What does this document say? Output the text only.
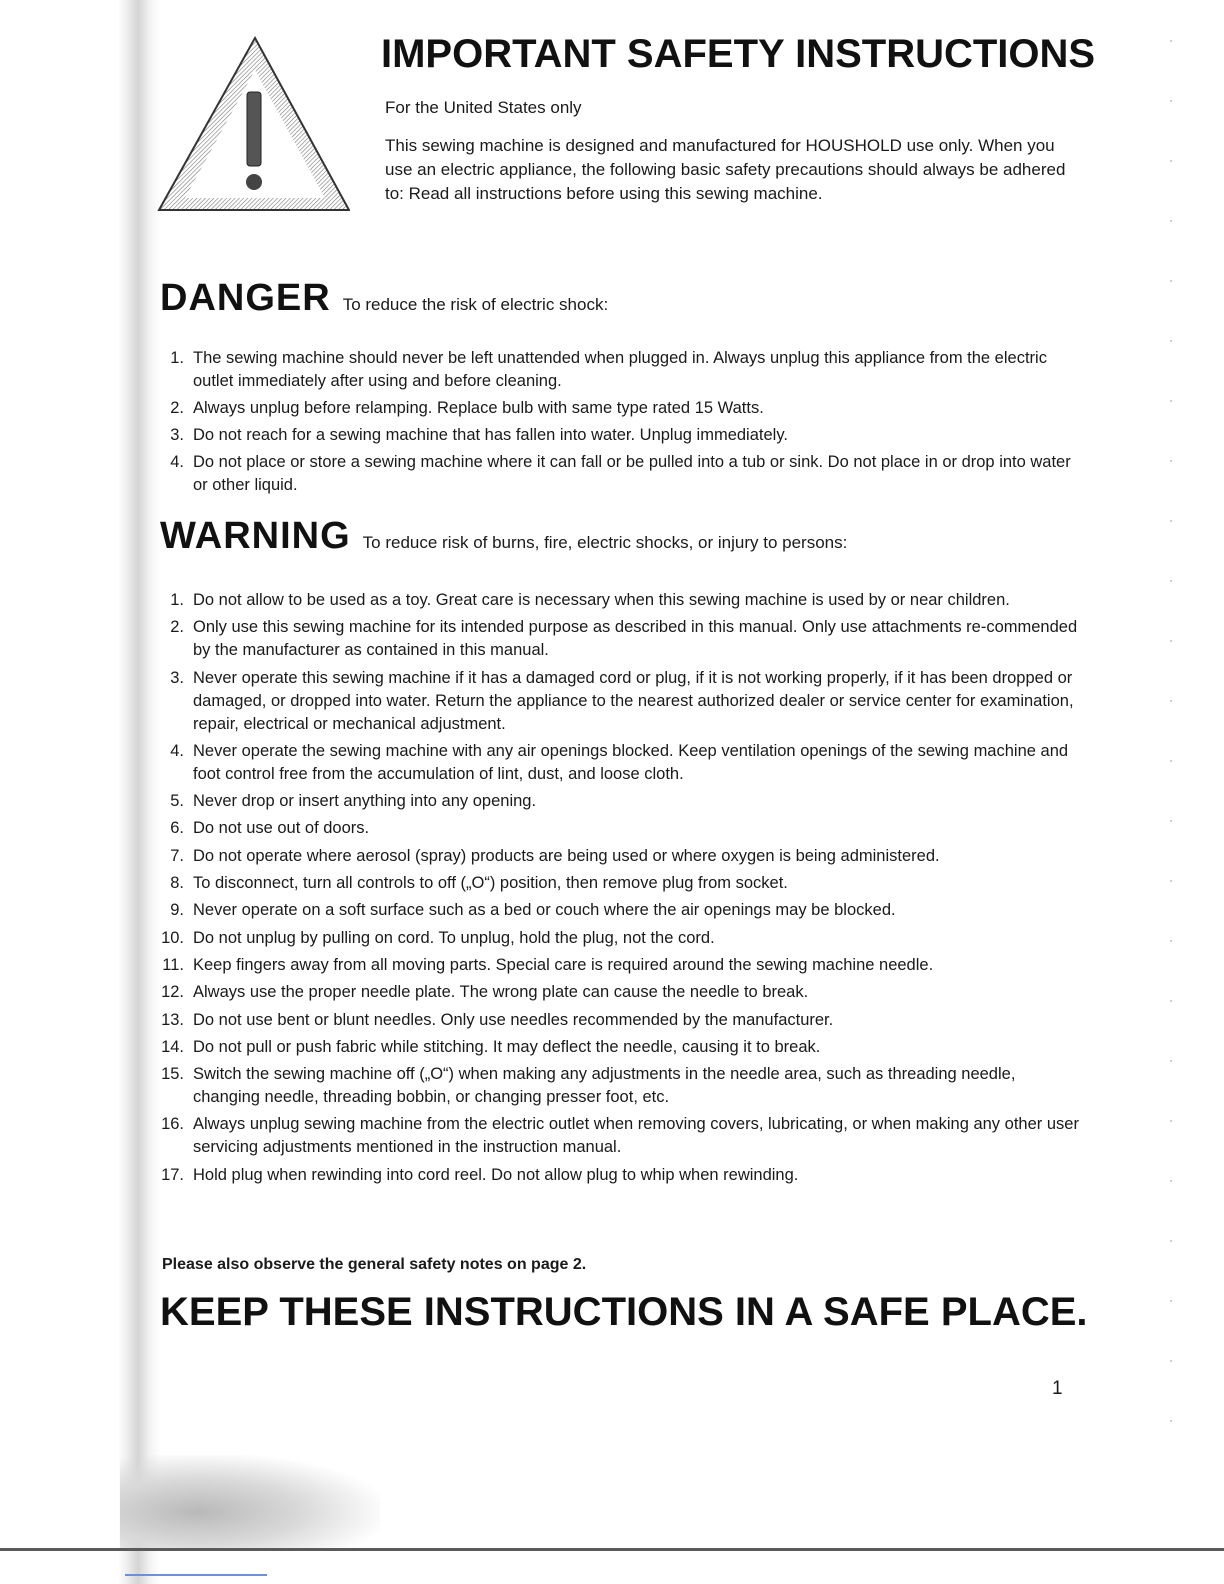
IMPORTANT SAFETY INSTRUCTIONS
For the United States only
This sewing machine is designed and manufactured for HOUSHOLD use only. When you use an electric appliance, the following basic safety precautions should always be adhered to: Read all instructions before using this sewing machine.
DANGER To reduce the risk of electric shock:
1. The sewing machine should never be left unattended when plugged in. Always unplug this appliance from the electric outlet immediately after using and before cleaning.
2. Always unplug before relamping. Replace bulb with same type rated 15 Watts.
3. Do not reach for a sewing machine that has fallen into water. Unplug immediately.
4. Do not place or store a sewing machine where it can fall or be pulled into a tub or sink. Do not place in or drop into water or other liquid.
WARNING To reduce risk of burns, fire, electric shocks, or injury to persons:
1. Do not allow to be used as a toy. Great care is necessary when this sewing machine is used by or near children.
2. Only use this sewing machine for its intended purpose as described in this manual. Only use attachments re-commended by the manufacturer as contained in this manual.
3. Never operate this sewing machine if it has a damaged cord or plug, if it is not working properly, if it has been dropped or damaged, or dropped into water. Return the appliance to the nearest authorized dealer or service center for examination, repair, electrical or mechanical adjustment.
4. Never operate the sewing machine with any air openings blocked. Keep ventilation openings of the sewing machine and foot control free from the accumulation of lint, dust, and loose cloth.
5. Never drop or insert anything into any opening.
6. Do not use out of doors.
7. Do not operate where aerosol (spray) products are being used or where oxygen is being administered.
8. To disconnect, turn all controls to off („O“) position, then remove plug from socket.
9. Never operate on a soft surface such as a bed or couch where the air openings may be blocked.
10. Do not unplug by pulling on cord. To unplug, hold the plug, not the cord.
11. Keep fingers away from all moving parts. Special care is required around the sewing machine needle.
12. Always use the proper needle plate. The wrong plate can cause the needle to break.
13. Do not use bent or blunt needles. Only use needles recommended by the manufacturer.
14. Do not pull or push fabric while stitching. It may deflect the needle, causing it to break.
15. Switch the sewing machine off („O“) when making any adjustments in the needle area, such as threading needle, changing needle, threading bobbin, or changing presser foot, etc.
16. Always unplug sewing machine from the electric outlet when removing covers, lubricating, or when making any other user servicing adjustments mentioned in the instruction manual.
17. Hold plug when rewinding into cord reel. Do not allow plug to whip when rewinding.
Please also observe the general safety notes on page 2.
KEEP THESE INSTRUCTIONS IN A SAFE PLACE.
1
